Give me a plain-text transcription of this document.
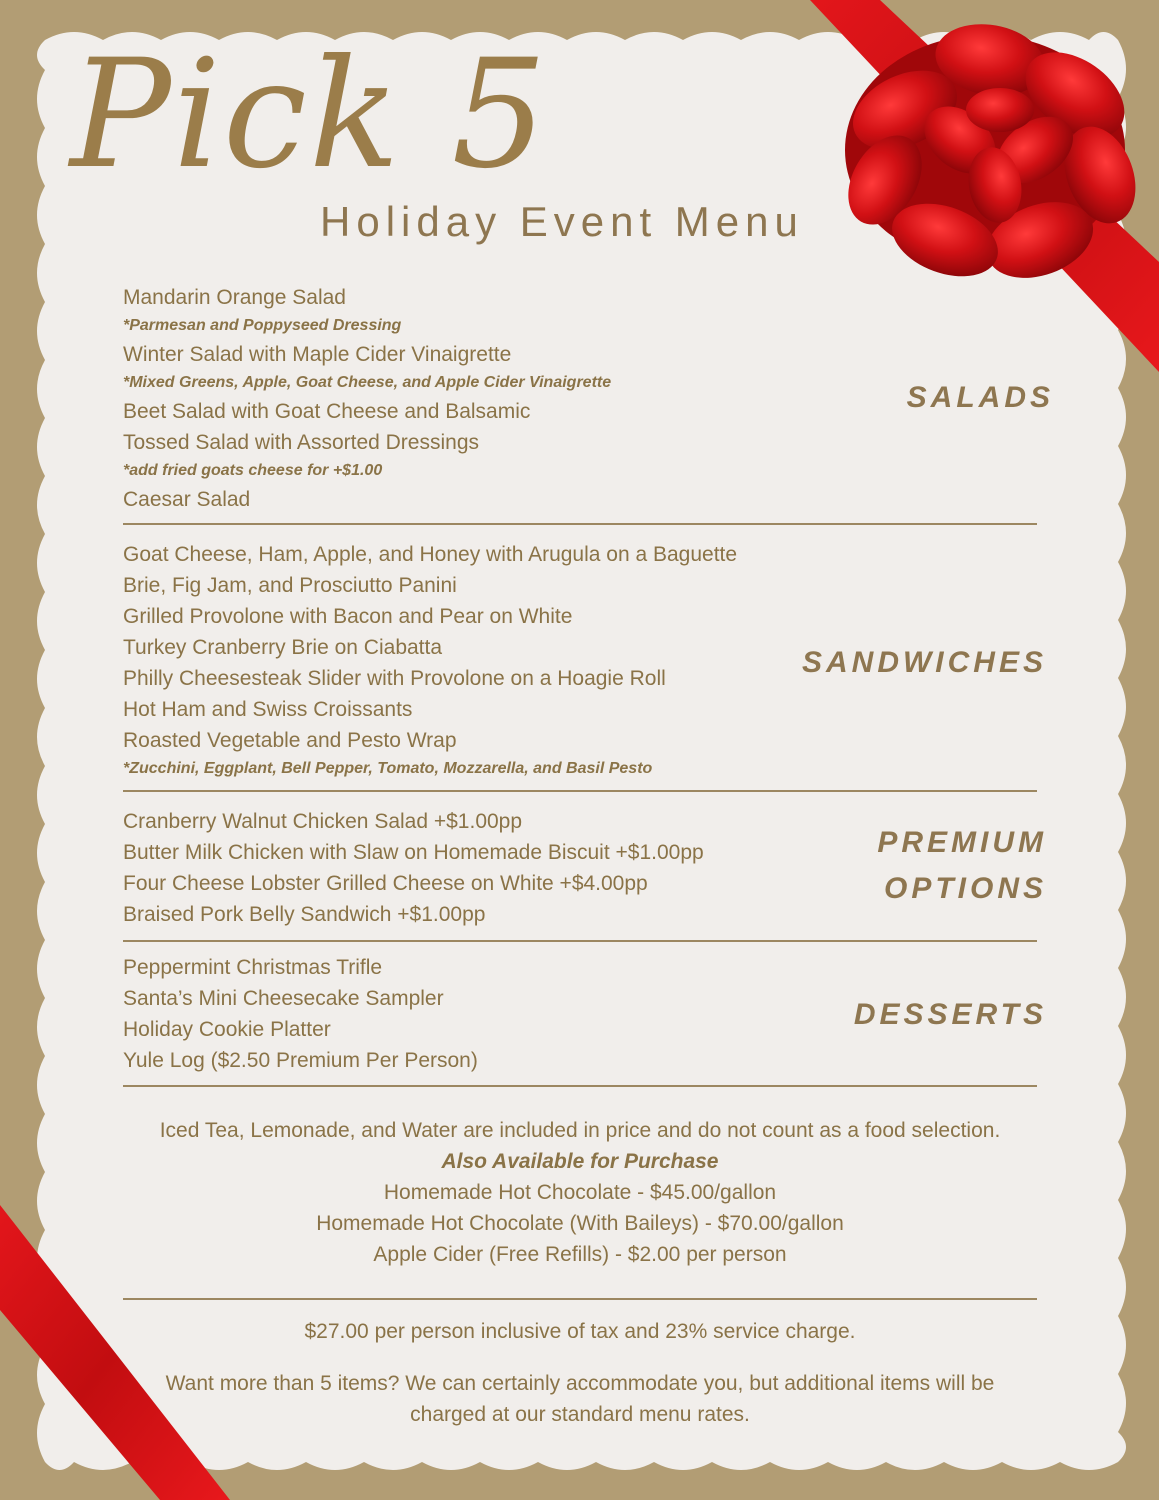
Pick 5
Holiday Event Menu
Mandarin Orange Salad
*Parmesan and Poppyseed Dressing
Winter Salad with Maple Cider Vinaigrette
*Mixed Greens, Apple, Goat Cheese, and Apple Cider Vinaigrette
Beet Salad with Goat Cheese and Balsamic
Tossed Salad with Assorted Dressings
*add fried goats cheese for +$1.00
Caesar Salad
SALADS
Goat Cheese, Ham, Apple, and Honey with Arugula on a Baguette
Brie, Fig Jam, and Prosciutto Panini
Grilled Provolone with Bacon and Pear on White
Turkey Cranberry Brie on Ciabatta
Philly Cheesesteak Slider with Provolone on a Hoagie Roll
Hot Ham and Swiss Croissants
Roasted Vegetable and Pesto Wrap
*Zucchini, Eggplant, Bell Pepper, Tomato, Mozzarella, and Basil Pesto
SANDWICHES
Cranberry Walnut Chicken Salad +$1.00pp
Butter Milk Chicken with Slaw on Homemade Biscuit +$1.00pp
Four Cheese Lobster Grilled Cheese on White +$4.00pp
Braised Pork Belly Sandwich +$1.00pp
PREMIUM
OPTIONS
Peppermint Christmas Trifle
Santa’s Mini Cheesecake Sampler
Holiday Cookie Platter
Yule Log ($2.50 Premium Per Person)
DESSERTS
Iced Tea, Lemonade, and Water are included in price and do not count as a food selection.
Also Available for Purchase
Homemade Hot Chocolate - $45.00/gallon
Homemade Hot Chocolate (With Baileys) - $70.00/gallon
Apple Cider (Free Refills) - $2.00 per person
$27.00 per person inclusive of tax and 23% service charge.
Want more than 5 items? We can certainly accommodate you, but additional items will be
charged at our standard menu rates.
